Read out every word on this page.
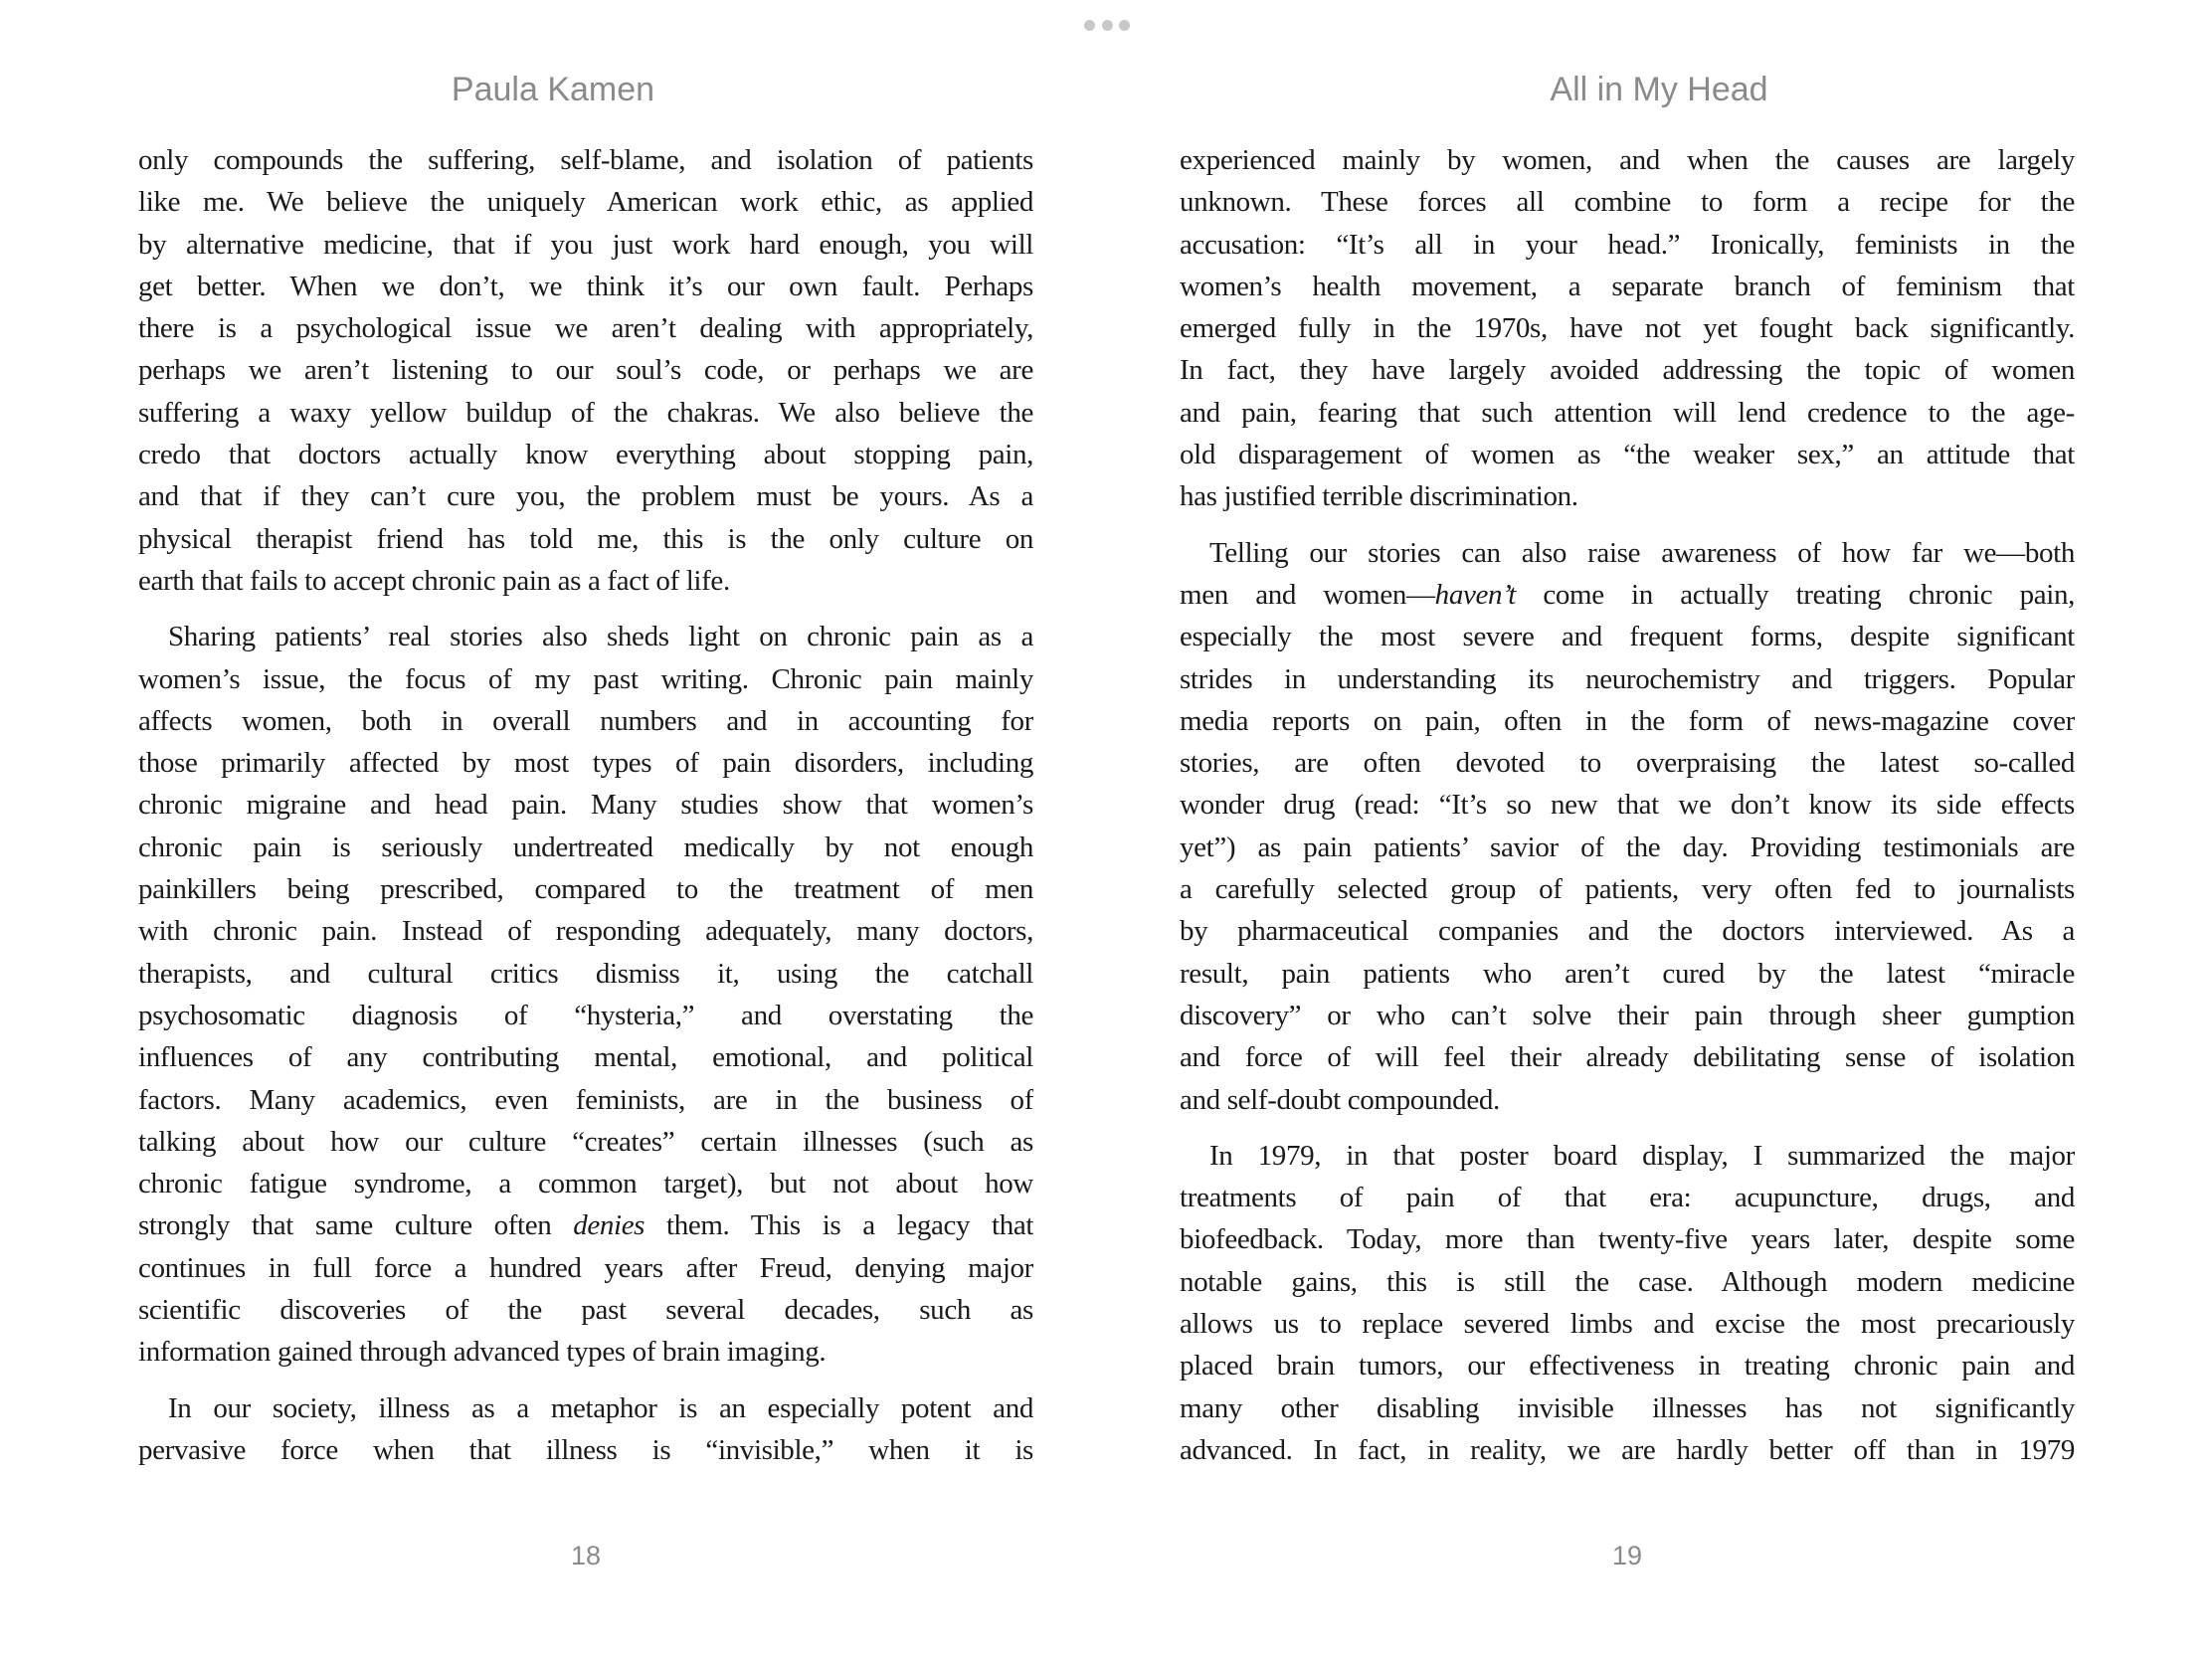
Paula Kamen	All in My Head
only compounds the suffering, self-blame, and isolation of patients
like me. We believe the uniquely American work ethic, as applied
by alternative medicine, that if you just work hard enough, you will
get better. When we don’t, we think it’s our own fault. Perhaps
there is a psychological issue we aren’t dealing with appropriately,
perhaps we aren’t listening to our soul’s code, or perhaps we are
suffering a waxy yellow buildup of the chakras. We also believe the
credo that doctors actually know everything about stopping pain,
and that if they can’t cure you, the problem must be yours. As a
physical therapist friend has told me, this is the only culture on
earth that fails to accept chronic pain as a fact of life.
Sharing patients’ real stories also sheds light on chronic pain as a
women’s issue, the focus of my past writing. Chronic pain mainly
affects women, both in overall numbers and in accounting for
those primarily affected by most types of pain disorders, including
chronic migraine and head pain. Many studies show that women’s
chronic pain is seriously undertreated medically by not enough
painkillers being prescribed, compared to the treatment of men
with chronic pain. Instead of responding adequately, many doctors,
therapists, and cultural critics dismiss it, using the catchall
psychosomatic diagnosis of “hysteria,” and overstating the
influences of any contributing mental, emotional, and political
factors. Many academics, even feminists, are in the business of
talking about how our culture “creates” certain illnesses (such as
chronic fatigue syndrome, a common target), but not about how
strongly that same culture often denies them. This is a legacy that
continues in full force a hundred years after Freud, denying major
scientific discoveries of the past several decades, such as
information gained through advanced types of brain imaging.
In our society, illness as a metaphor is an especially potent and
pervasive force when that illness is “invisible,” when it is
experienced mainly by women, and when the causes are largely
unknown. These forces all combine to form a recipe for the
accusation: “It’s all in your head.” Ironically, feminists in the
women’s health movement, a separate branch of feminism that
emerged fully in the 1970s, have not yet fought back significantly.
In fact, they have largely avoided addressing the topic of women
and pain, fearing that such attention will lend credence to the age-
old disparagement of women as “the weaker sex,” an attitude that
has justified terrible discrimination.
Telling our stories can also raise awareness of how far we—both
men and women—haven’t come in actually treating chronic pain,
especially the most severe and frequent forms, despite significant
strides in understanding its neurochemistry and triggers. Popular
media reports on pain, often in the form of news-magazine cover
stories, are often devoted to overpraising the latest so-called
wonder drug (read: “It’s so new that we don’t know its side effects
yet”) as pain patients’ savior of the day. Providing testimonials are
a carefully selected group of patients, very often fed to journalists
by pharmaceutical companies and the doctors interviewed. As a
result, pain patients who aren’t cured by the latest “miracle
discovery” or who can’t solve their pain through sheer gumption
and force of will feel their already debilitating sense of isolation
and self-doubt compounded.
In 1979, in that poster board display, I summarized the major
treatments of pain of that era: acupuncture, drugs, and
biofeedback. Today, more than twenty-five years later, despite some
notable gains, this is still the case. Although modern medicine
allows us to replace severed limbs and excise the most precariously
placed brain tumors, our effectiveness in treating chronic pain and
many other disabling invisible illnesses has not significantly
advanced. In fact, in reality, we are hardly better off than in 1979
18	19
